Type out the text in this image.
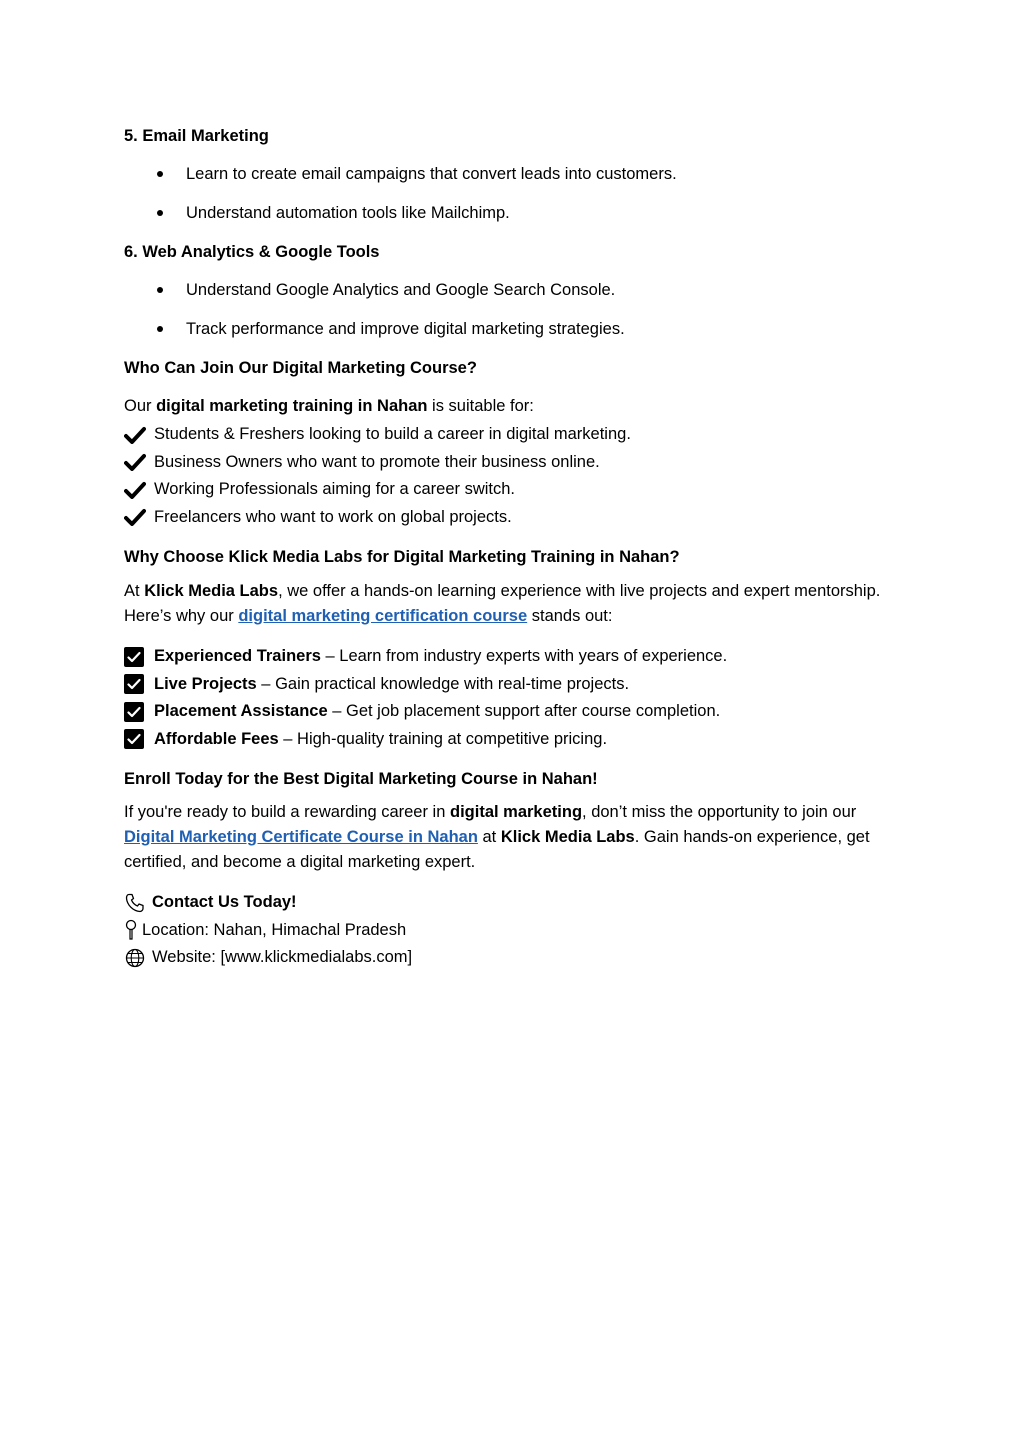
5. Email Marketing

Learn to create email campaigns that convert leads into customers.
Understand automation tools like Mailchimp.

6. Web Analytics & Google Tools

Understand Google Analytics and Google Search Console.
Track performance and improve digital marketing strategies.

Who Can Join Our Digital Marketing Course?

Our digital marketing training in Nahan is suitable for:

Students & Freshers looking to build a career in digital marketing.
Business Owners who want to promote their business online.
Working Professionals aiming for a career switch.
Freelancers who want to work on global projects.

Why Choose Klick Media Labs for Digital Marketing Training in Nahan?

At Klick Media Labs, we offer a hands-on learning experience with live projects and expert mentorship. Here’s why our digital marketing certification course stands out:

Experienced Trainers – Learn from industry experts with years of experience.
Live Projects – Gain practical knowledge with real-time projects.
Placement Assistance – Get job placement support after course completion.
Affordable Fees – High-quality training at competitive pricing.

Enroll Today for the Best Digital Marketing Course in Nahan!

If you're ready to build a rewarding career in digital marketing, don’t miss the opportunity to join our Digital Marketing Certificate Course in Nahan at Klick Media Labs. Gain hands-on experience, get certified, and become a digital marketing expert.

Contact Us Today!
Location: Nahan, Himachal Pradesh
Website: [www.klickmedialabs.com]
